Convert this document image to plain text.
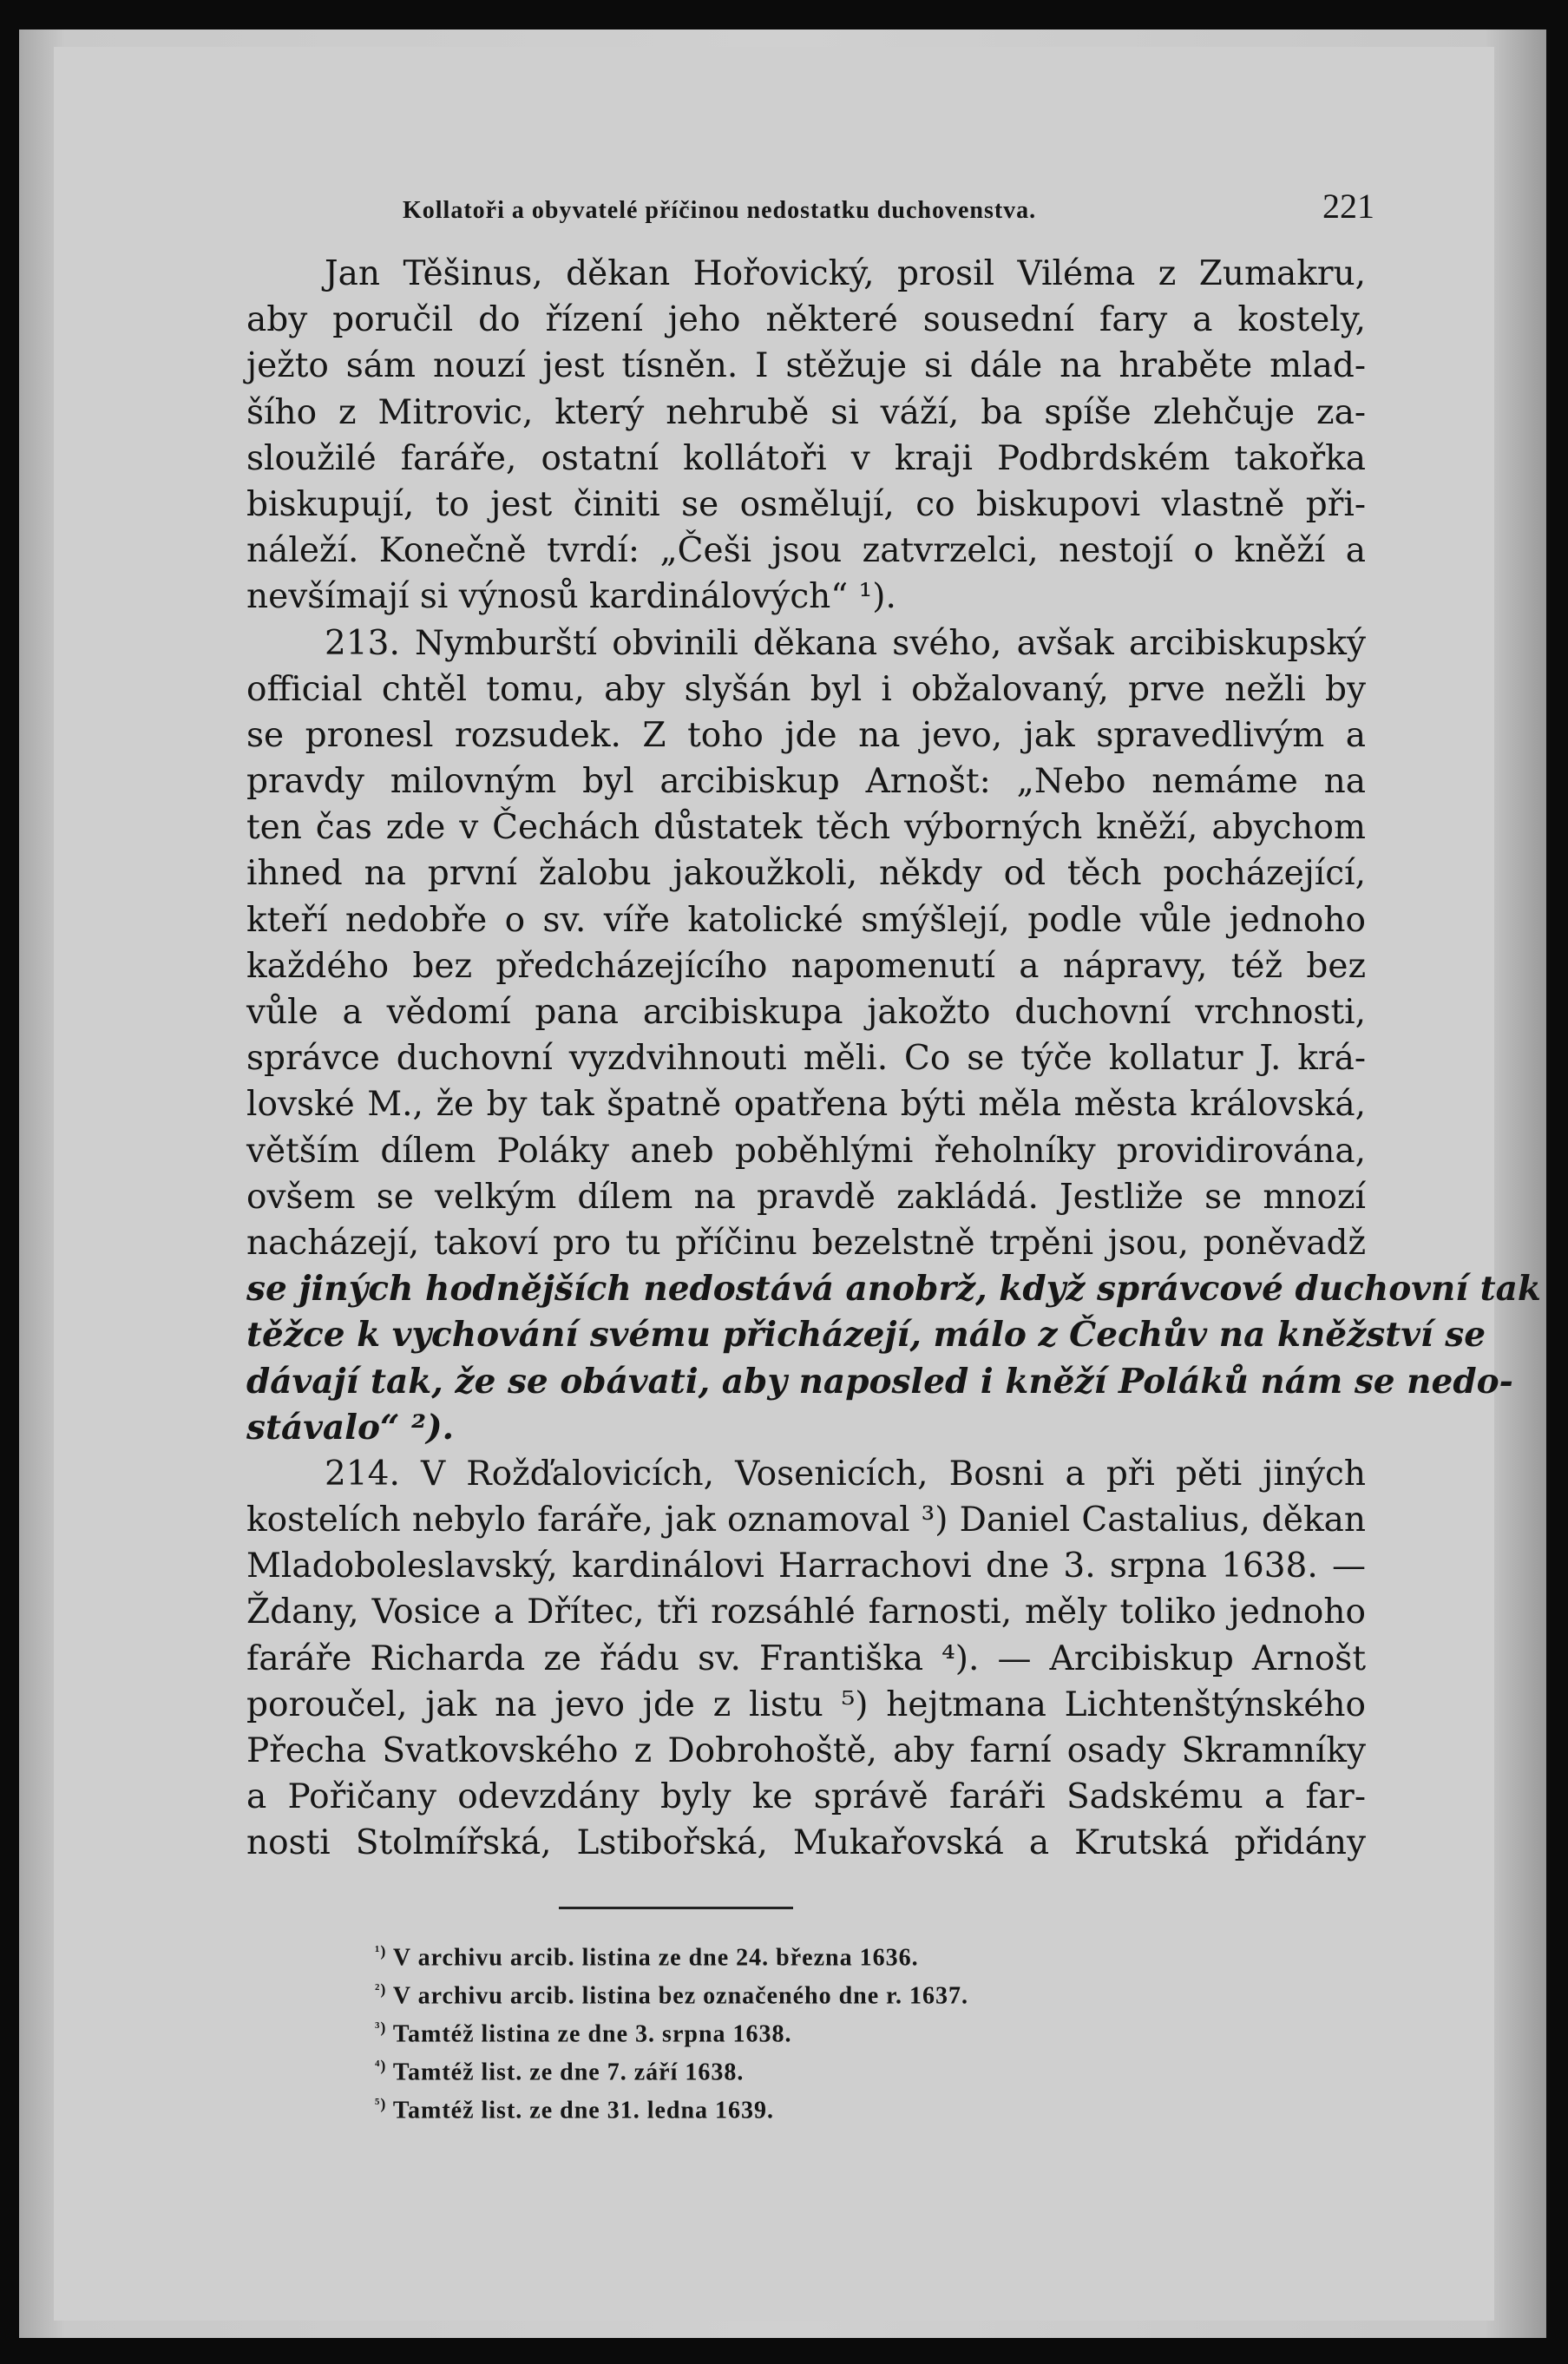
Kollatoři a obyvatelé příčinou nedostatku duchovenstva.	221

Jan Těšinus, děkan Hořovický, prosil Viléma z Zumakru,
aby poručil do řízení jeho některé sousední fary a kostely,
ježto sám nouzí jest tísněn. I stěžuje si dále na hraběte mlad-
šího z Mitrovic, který nehrubě si váží, ba spíše zlehčuje za-
sloužilé faráře, ostatní kollátoři v kraji Podbrdském takořka
biskupují, to jest činiti se osmělují, co biskupovi vlastně při-
náleží. Konečně tvrdí: „Češi jsou zatvrzelci, nestojí o kněží a
nevšímají si výnosů kardinálových“ ¹).

213. Nymburští obvinili děkana svého, avšak arcibiskupský
official chtěl tomu, aby slyšán byl i obžalovaný, prve nežli by
se pronesl rozsudek. Z toho jde na jevo, jak spravedlivým a
pravdy milovným byl arcibiskup Arnošt: „Nebo nemáme na
ten čas zde v Čechách důstatek těch výborných kněží, abychom
ihned na první žalobu jakoužkoli, někdy od těch pocházející,
kteří nedobře o sv. víře katolické smýšlejí, podle vůle jednoho
každého bez předcházejícího napomenutí a nápravy, též bez
vůle a vědomí pana arcibiskupa jakožto duchovní vrchnosti,
správce duchovní vyzdvihnouti měli. Co se týče kollatur J. krá-
lovské M., že by tak špatně opatřena býti měla města královská,
větším dílem Poláky aneb poběhlými řeholníky providirována,
ovšem se velkým dílem na pravdě zakládá. Jestliže se mnozí
nacházejí, takoví pro tu příčinu bezelstně trpěni jsou, poněvadž
se jiných hodnějších nedostává anobrž, když správcové duchovní tak
těžce k vychování svému přicházejí, málo z Čechův na kněžství se
dávají tak, že se obávati, aby naposled i kněží Poláků nám se nedo-
stávalo“ ²).

214. V Rožďalovicích, Vosenicích, Bosni a při pěti jiných
kostelích nebylo faráře, jak oznamoval ³) Daniel Castalius, děkan
Mladoboleslavský, kardinálovi Harrachovi dne 3. srpna 1638. —
Ždany, Vosice a Dřítec, tři rozsáhlé farnosti, měly toliko jednoho
faráře Richarda ze řádu sv. Františka ⁴). — Arcibiskup Arnošt
poroučel, jak na jevo jde z listu ⁵) hejtmana Lichtenštýnského
Přecha Svatkovského z Dobrohoště, aby farní osady Skramníky
a Pořičany odevzdány byly ke správě faráři Sadskému a far-
nosti Stolmířská, Lstibořská, Mukařovská a Krutská přidány

$^{^1)}$ V archivu arcib. listina ze dne 24. března 1636.
$^{^2)}$ V archivu arcib. listina bez označeného dne r. 1637.
$^{^3)}$ Tamtéž listina ze dne 3. srpna 1638.
$^{^4)}$ Tamtéž list. ze dne 7. září 1638.
$^{^5)}$ Tamtéž list. ze dne 31. ledna 1639.
